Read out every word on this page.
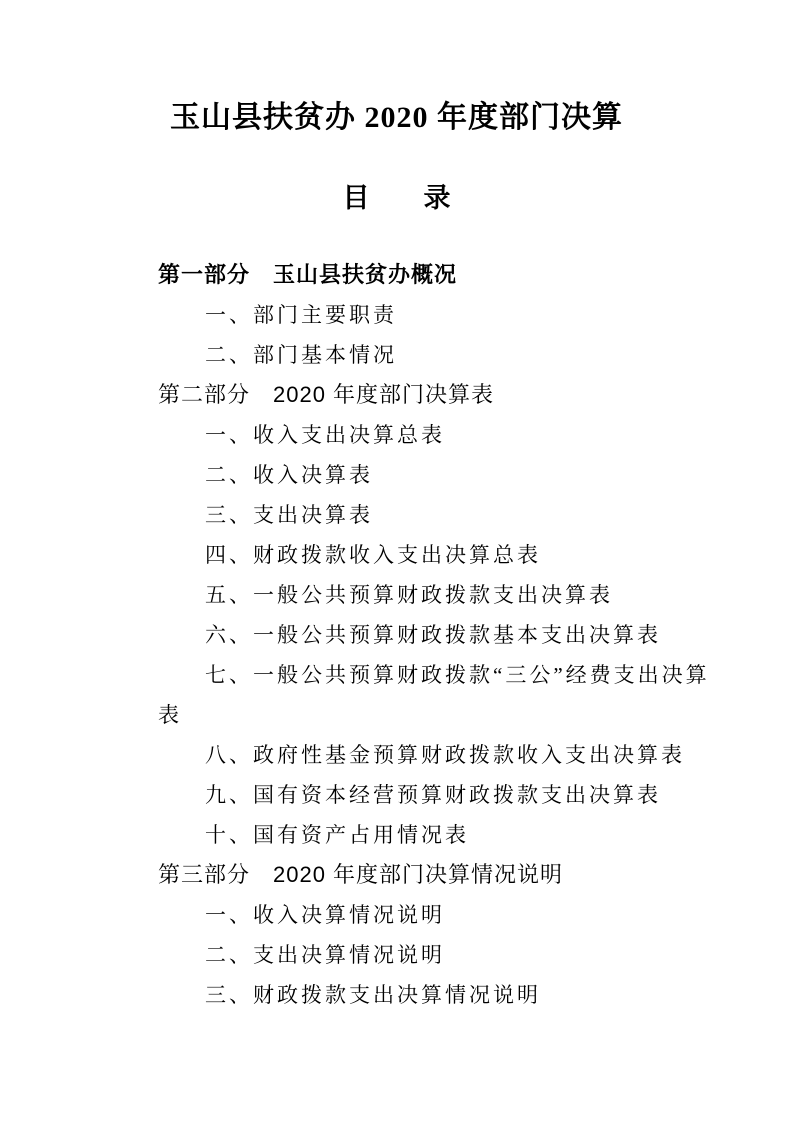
玉山县扶贫办 2020 年度部门决算
目　　录
第一部分　玉山县扶贫办概况
一、部门主要职责
二、部门基本情况
第二部分　2020 年度部门决算表
一、收入支出决算总表
二、收入决算表
三、支出决算表
四、财政拨款收入支出决算总表
五、一般公共预算财政拨款支出决算表
六、一般公共预算财政拨款基本支出决算表
七、一般公共预算财政拨款“三公”经费支出决算
表
八、政府性基金预算财政拨款收入支出决算表
九、国有资本经营预算财政拨款支出决算表
十、国有资产占用情况表
第三部分　2020 年度部门决算情况说明
一、收入决算情况说明
二、支出决算情况说明
三、财政拨款支出决算情况说明
